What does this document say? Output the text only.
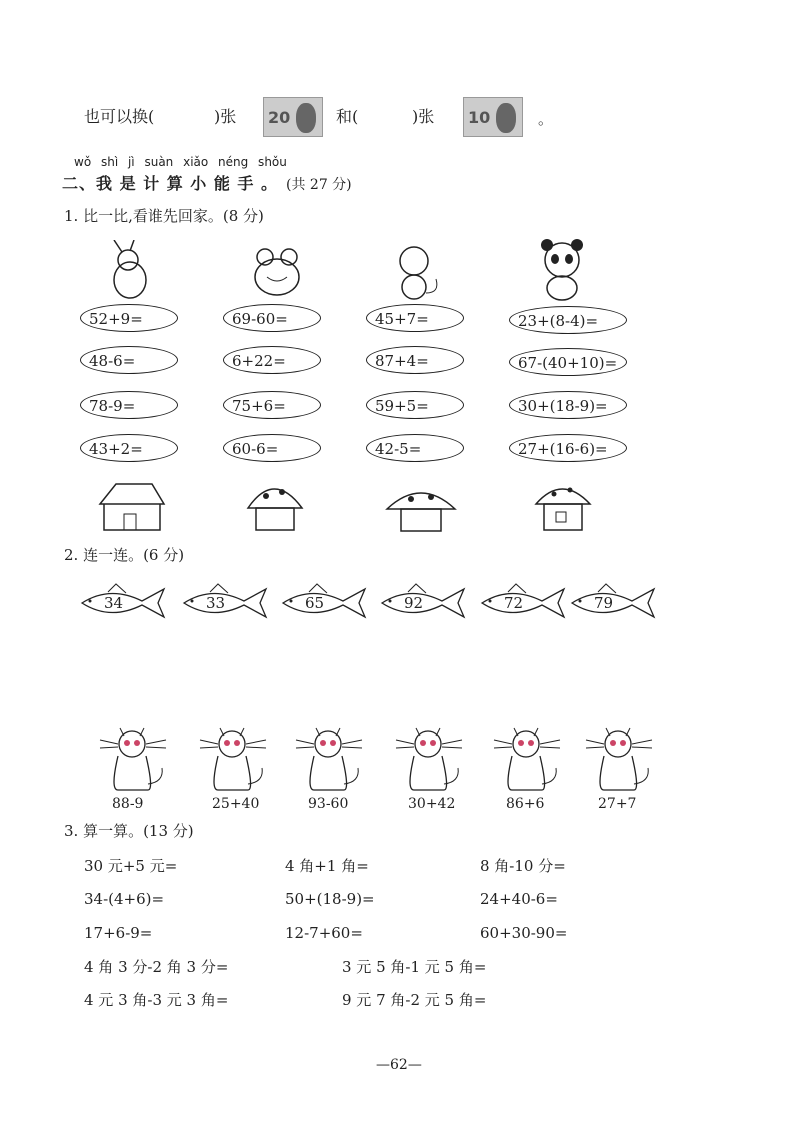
也可以换(	)张 20	和(	)张 10	。
wǒ shì jì suàn xiǎo néng shǒu
二、我 是 计 算 小 能 手 。 (共 27 分)
1. 比一比,看谁先回家。(8 分)
52+9=
48-6=
78-9=
43+2=
69-60=
6+22=
75+6=
60-6=
45+7=
87+4=
59+5=
42-5=
23+(8-4)=
67-(40+10)=
30+(18-9)=
27+(16-6)=
2. 连一连。(6 分)
3. 算一算。(13 分)
30 元+5 元=	4 角+1 角=	8 角-10 分=
34-(4+6)=	50+(18-9)=	24+40-6=
17+6-9=	12-7+60=	60+30-90=
4 角 3 分-2 角 3 分=	3 元 5 角-1 元 5 角=
4 元 3 角-3 元 3 角=	9 元 7 角-2 元 5 角=
—62—
34	33	65	92	72	79
88-9	25+40	93-60	30+42	86+6	27+7
